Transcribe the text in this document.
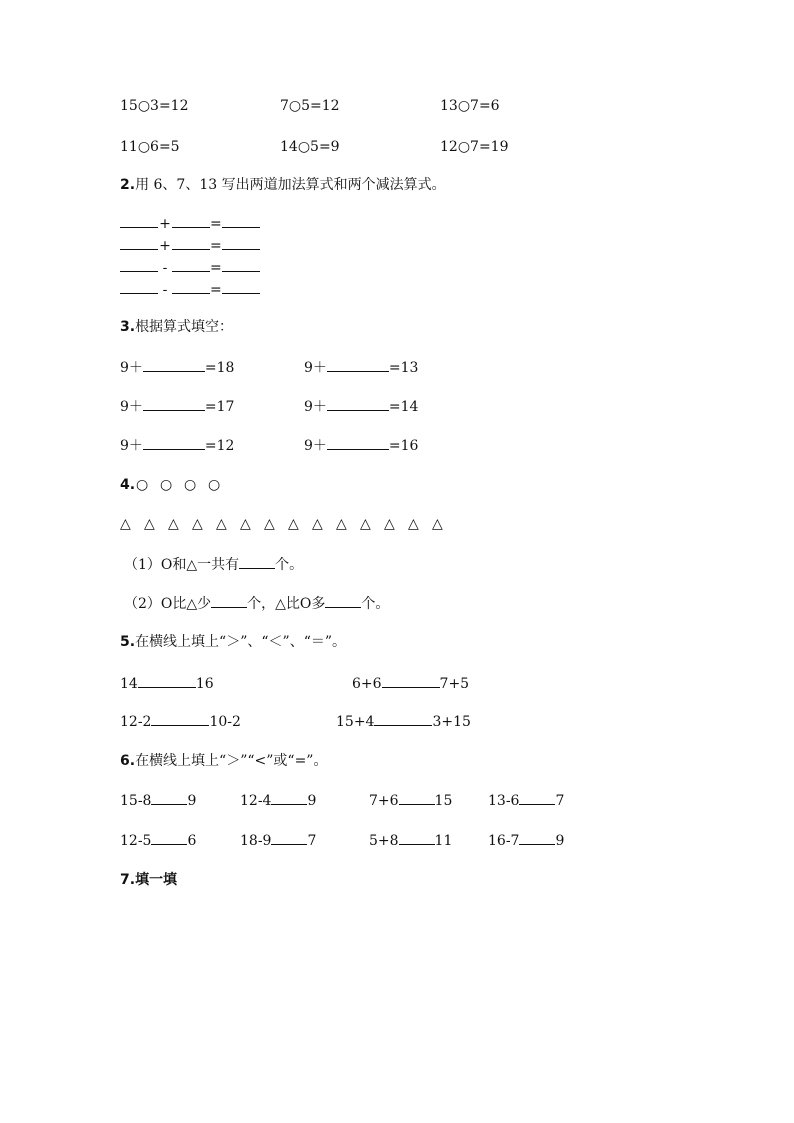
15○3=12	7○5=12	13○7=6
11○6=5	14○5=9	12○7=19
2.用 6、7、13 写出两道加法算式和两个减法算式。
+	=
+	=
-	=
-	=
3.根据算式填空：
9＋	=18	9＋	=13
9＋	=17	9＋	=14
9＋	=12	9＋	=16
4.○ ○ ○ ○
△ △ △ △ △ △ △ △ △ △ △ △ △ △
（1）O和△一共有	个。
（2）O比△少	个，△比O多	个。
5.在横线上填上“＞”、“＜”、“＝”。
14	16	6+6	7+5
12-2	10-2	15+4	3+15
6.在横线上填上“＞”“<”或“=”。
15-8	9	12-4	9	7+6	15	13-6	7
12-5	6	18-9	7	5+8	11	16-7	9
7.填一填
